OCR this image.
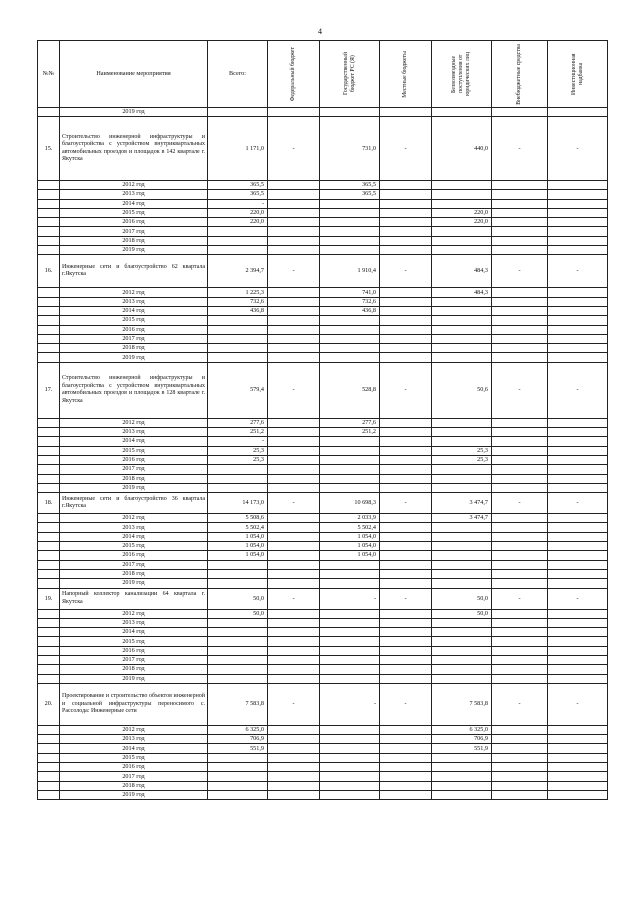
4
№№	Наименование мероприятия	Всего:	Федеральный бюджет	Государственный бюджет РС (Я)	Местные бюджеты	Безвозмездные поступления от юридических лиц	Внебюджетные средства	Инвестиционная надбавка

	2019 год							
15.	Строительство инженерной инфраструктуры и благоустройства с устройством внутриквартальных автомобильных проездов и площадок в 142 квартале г. Якутска	1 171,0	-	731,0	-	440,0	-	-
	2012 год	365,5		365,5				
	2013 год	365,5		365,5				
	2014 год	-						
	2015 год	220,0				220,0		
	2016 год	220,0				220,0		
	2017 год							
	2018 год							
	2019 год							
16.	Инженерные сети и благоустройство 62 квартала г.Якутска	2 394,7	-	1 910,4	-	484,3	-	-
	2012 год	1 225,3		741,0		484,3		
	2013 год	732,6		732,6				
	2014 год	436,8		436,8				
	2015 год							
	2016 год							
	2017 год							
	2018 год							
	2019 год							
17.	Строительство инженерной инфраструктуры и благоустройства с устройством внутриквартальных автомобильных проездов и площадок в 128 квартале г. Якутска	579,4	-	528,8	-	50,6	-	-
	2012 год	277,6		277,6				
	2013 год	251,2		251,2				
	2014 год	-						
	2015 год	25,3				25,3		
	2016 год	25,3				25,3		
	2017 год							
	2018 год							
	2019 год							
18.	Инженерные сети и благоустройство 36 квартала г.Якутска	14 173,0	-	10 698,3	-	3 474,7	-	-
	2012 год	5 508,6		2 033,9		3 474,7		
	2013 год	5 502,4		5 502,4				
	2014 год	1 054,0		1 054,0				
	2015 год	1 054,0		1 054,0				
	2016 год	1 054,0		1 054,0				
	2017 год							
	2018 год							
	2019 год							
19.	Напорный коллектор канализации 64 квартала г. Якутска	50,0	-	-	-	50,0	-	-
	2012 год	50,0				50,0		
	2013 год							
	2014 год							
	2015 год							
	2016 год							
	2017 год							
	2018 год							
	2019 год							
20.	Проектирование и строительство объектов инженерной и социальной инфраструктуры переносимого с. Рассолода: Инженерные сети	7 583,8	-	-	-	7 583,8	-	-
	2012 год	6 325,0				6 325,0		
	2013 год	706,9				706,9		
	2014 год	551,9				551,9		
	2015 год							
	2016 год							
	2017 год							
	2018 год							
	2019 год							
